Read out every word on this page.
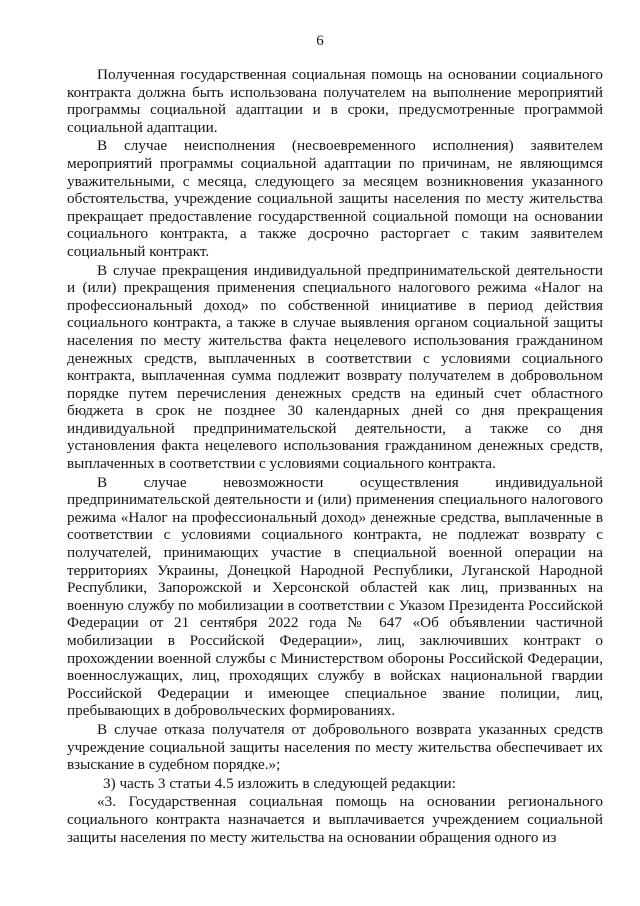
6

Полученная государственная социальная помощь на основании социального контракта должна быть использована получателем на выполнение мероприятий программы социальной адаптации и в сроки, предусмотренные программой социальной адаптации.

В случае неисполнения (несвоевременного исполнения) заявителем мероприятий программы социальной адаптации по причинам, не являющимся уважительными, с месяца, следующего за месяцем возникновения указанного обстоятельства, учреждение социальной защиты населения по месту жительства прекращает предоставление государственной социальной помощи на основании социального контракта, а также досрочно расторгает с таким заявителем социальный контракт.

В случае прекращения индивидуальной предпринимательской деятельности и (или) прекращения применения специального налогового режима «Налог на профессиональный доход» по собственной инициативе в период действия социального контракта, а также в случае выявления органом социальной защиты населения по месту жительства факта нецелевого использования гражданином денежных средств, выплаченных в соответствии с условиями социального контракта, выплаченная сумма подлежит возврату получателем в добровольном порядке путем перечисления денежных средств на единый счет областного бюджета в срок не позднее 30 календарных дней со дня прекращения индивидуальной предпринимательской деятельности, а также со дня установления факта нецелевого использования гражданином денежных средств, выплаченных в соответствии с условиями социального контракта.

В случае невозможности осуществления индивидуальной предпринимательской деятельности и (или) применения специального налогового режима «Налог на профессиональный доход» денежные средства, выплаченные в соответствии с условиями социального контракта, не подлежат возврату с получателей, принимающих участие в специальной военной операции на территориях Украины, Донецкой Народной Республики, Луганской Народной Республики, Запорожской и Херсонской областей как лиц, призванных на военную службу по мобилизации в соответствии с Указом Президента Российской Федерации от 21 сентября 2022 года № 647 «Об объявлении частичной мобилизации в Российской Федерации», лиц, заключивших контракт о прохождении военной службы с Министерством обороны Российской Федерации, военнослужащих, лиц, проходящих службу в войсках национальной гвардии Российской Федерации и имеющее специальное звание полиции, лиц, пребывающих в добровольческих формированиях.

В случае отказа получателя от добровольного возврата указанных средств учреждение социальной защиты населения по месту жительства обеспечивает их взыскание в судебном порядке.»;

3) часть 3 статьи 4.5 изложить в следующей редакции:

«3. Государственная социальная помощь на основании регионального социального контракта назначается и выплачивается учреждением социальной защиты населения по месту жительства на основании обращения одного из
